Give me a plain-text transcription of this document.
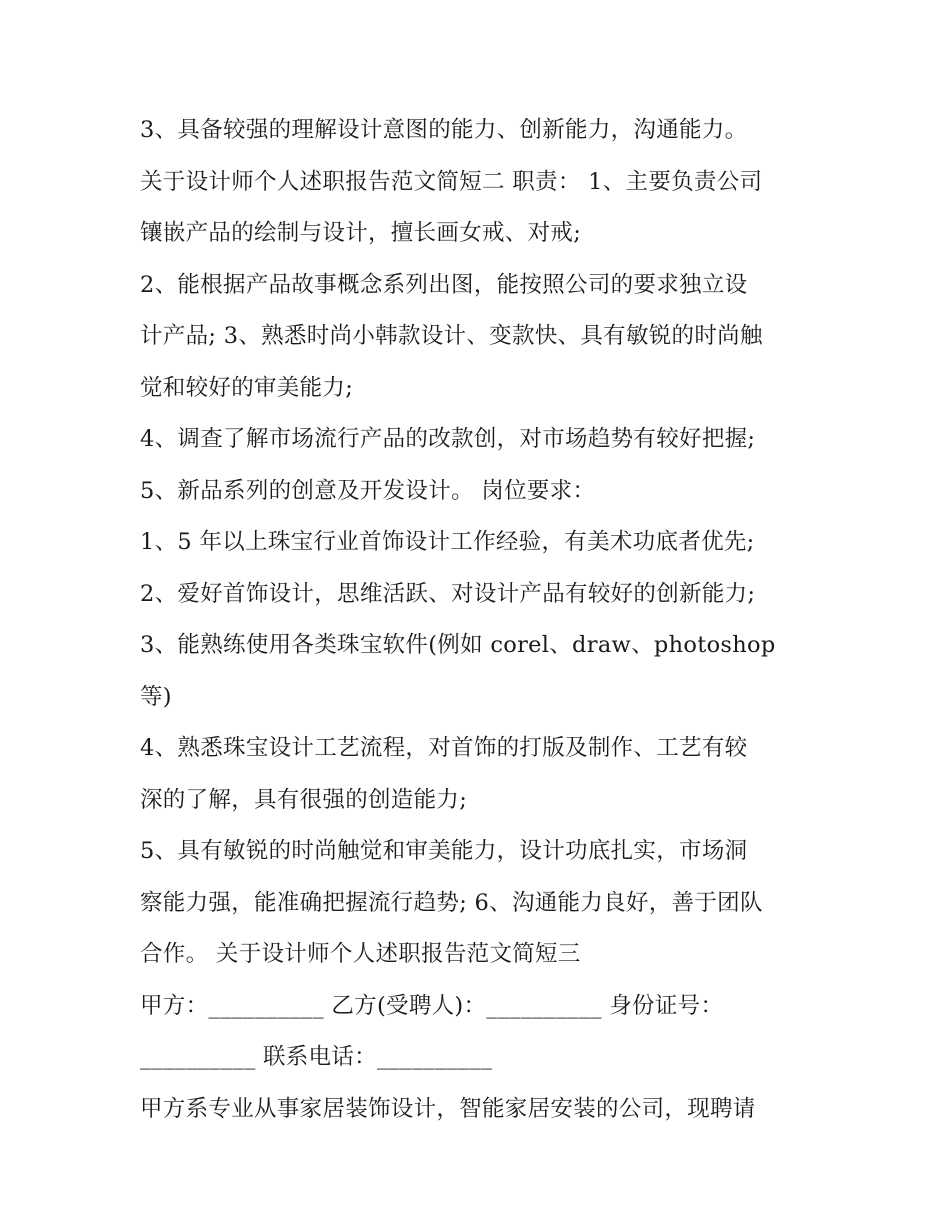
3、具备较强的理解设计意图的能力、创新能力，沟通能力。
关于设计师个人述职报告范文简短二 职责： 1、主要负责公司
镶嵌产品的绘制与设计，擅长画女戒、对戒;
2、能根据产品故事概念系列出图，能按照公司的要求独立设
计产品; 3、熟悉时尚小韩款设计、变款快、具有敏锐的时尚触
觉和较好的审美能力;
4、调查了解市场流行产品的改款创，对市场趋势有较好把握;
5、新品系列的创意及开发设计。 岗位要求：
1、5 年以上珠宝行业首饰设计工作经验，有美术功底者优先;
2、爱好首饰设计，思维活跃、对设计产品有较好的创新能力;
3、能熟练使用各类珠宝软件(例如 corel、draw、photoshop
等)
4、熟悉珠宝设计工艺流程，对首饰的打版及制作、工艺有较
深的了解，具有很强的创造能力;
5、具有敏锐的时尚触觉和审美能力，设计功底扎实，市场洞
察能力强，能准确把握流行趋势; 6、沟通能力良好，善于团队
合作。 关于设计师个人述职报告范文简短三
甲方：__________ 乙方(受聘人)：__________ 身份证号：
__________ 联系电话：__________
甲方系专业从事家居装饰设计，智能家居安装的公司，现聘请
